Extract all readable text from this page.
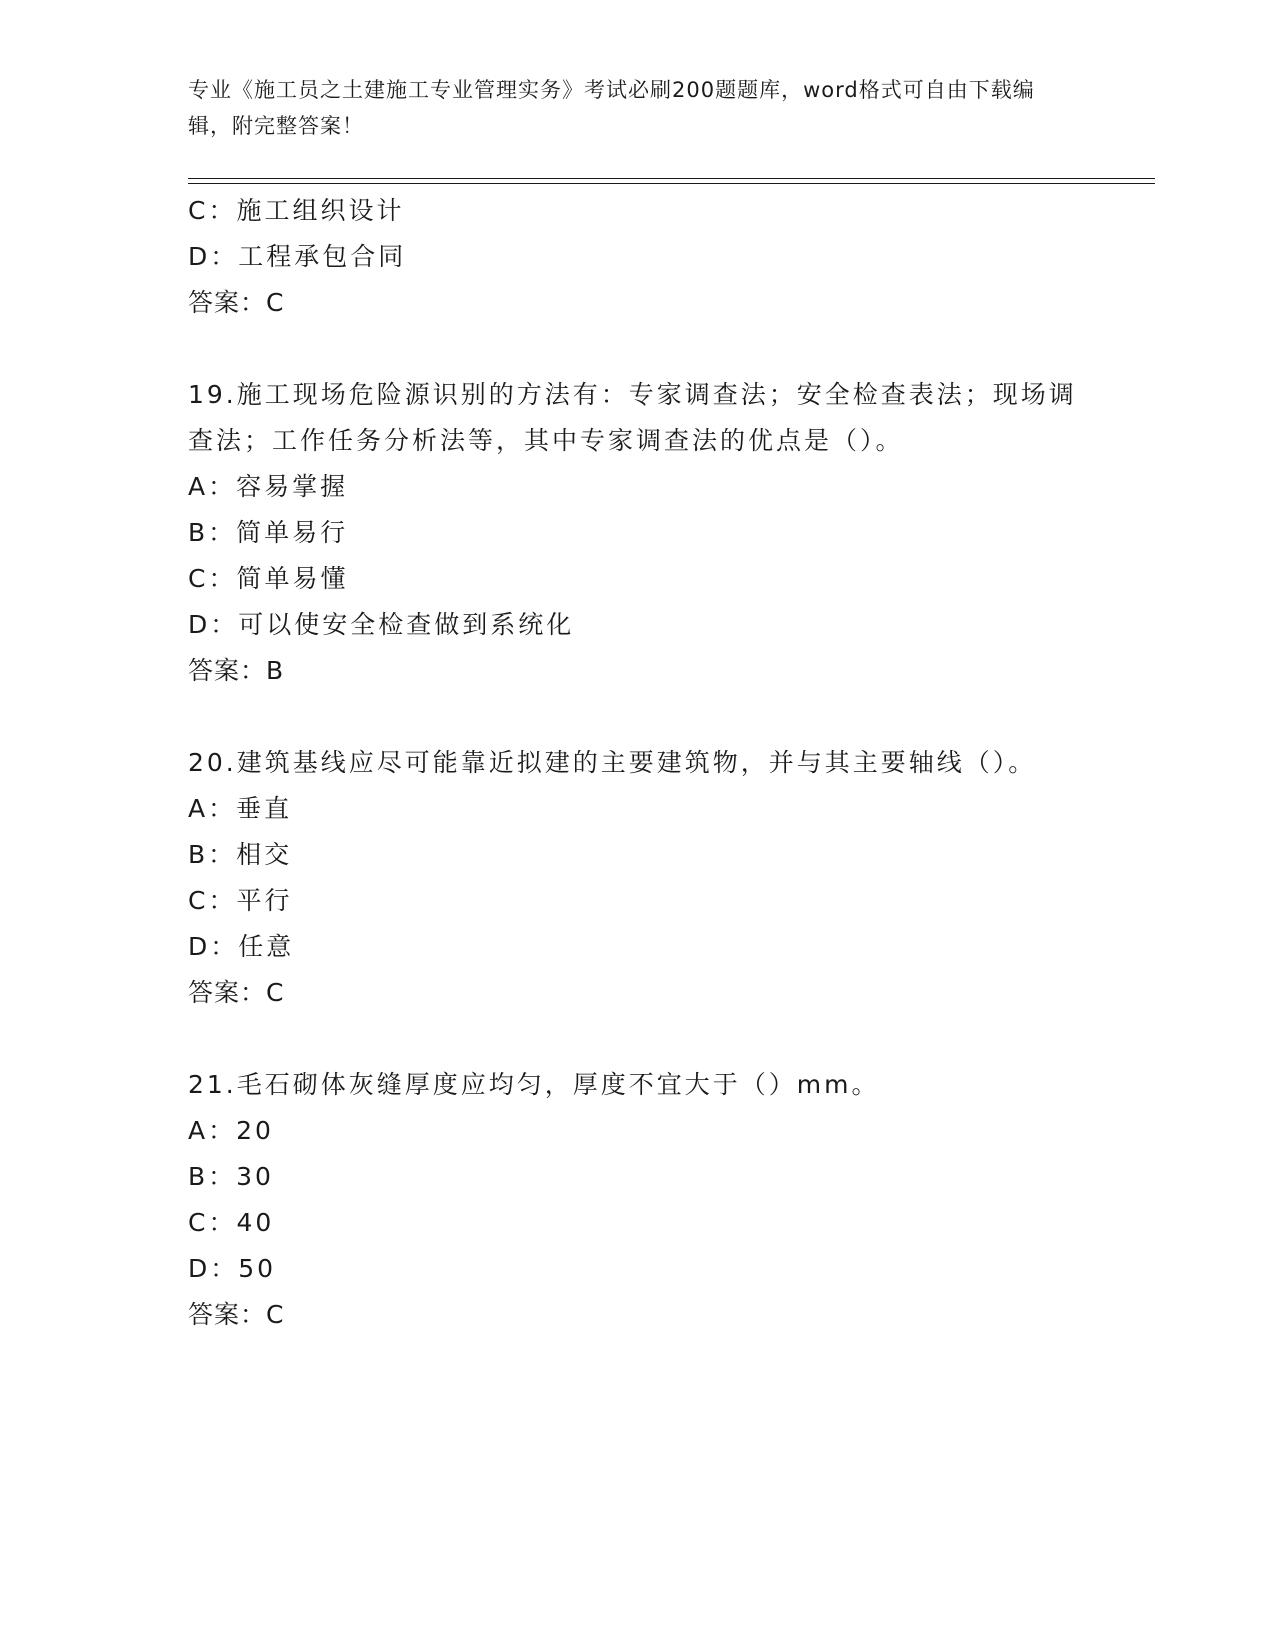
专业《施工员之土建施工专业管理实务》考试必刷200题题库，word格式可自由下载编辑，附完整答案！
C：施工组织设计
D：工程承包合同
答案：C
19.施工现场危险源识别的方法有：专家调查法；安全检查表法；现场调查法；工作任务分析法等，其中专家调查法的优点是（）。
A：容易掌握
B：简单易行
C：简单易懂
D：可以使安全检查做到系统化
答案：B
20.建筑基线应尽可能靠近拟建的主要建筑物，并与其主要轴线（）。
A：垂直
B：相交
C：平行
D：任意
答案：C
21.毛石砌体灰缝厚度应均匀，厚度不宜大于（）mm。
A：20
B：30
C：40
D：50
答案：C
